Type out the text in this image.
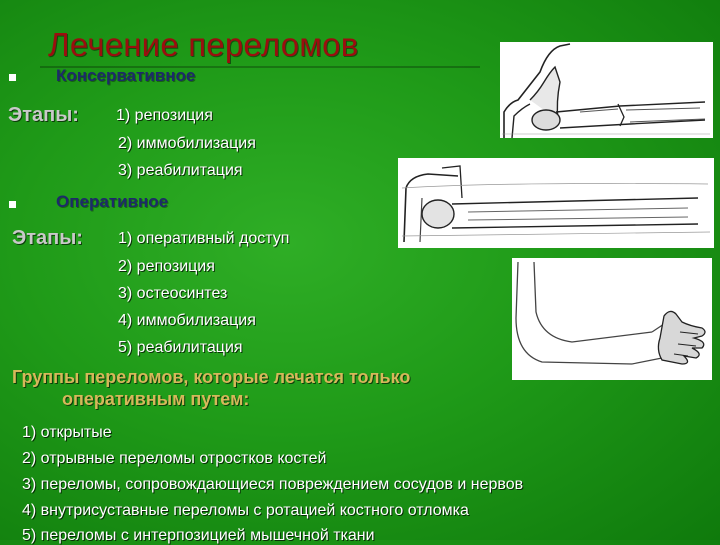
Лечение переломов
Консервативное
Этапы: 1) репозиция
2) иммобилизация
3) реабилитация
Оперативное
Этапы: 1) оперативный доступ
2) репозиция
3) остеосинтез
4) иммобилизация
5) реабилитация
Группы переломов, которые лечатся только
оперативным путем:
1) открытые
2) отрывные переломы отростков костей
3) переломы, сопровождающиеся повреждением сосудов и нервов
4) внутрисуставные переломы с ротацией костного отломка
5) переломы с интерпозицией мышечной ткани
